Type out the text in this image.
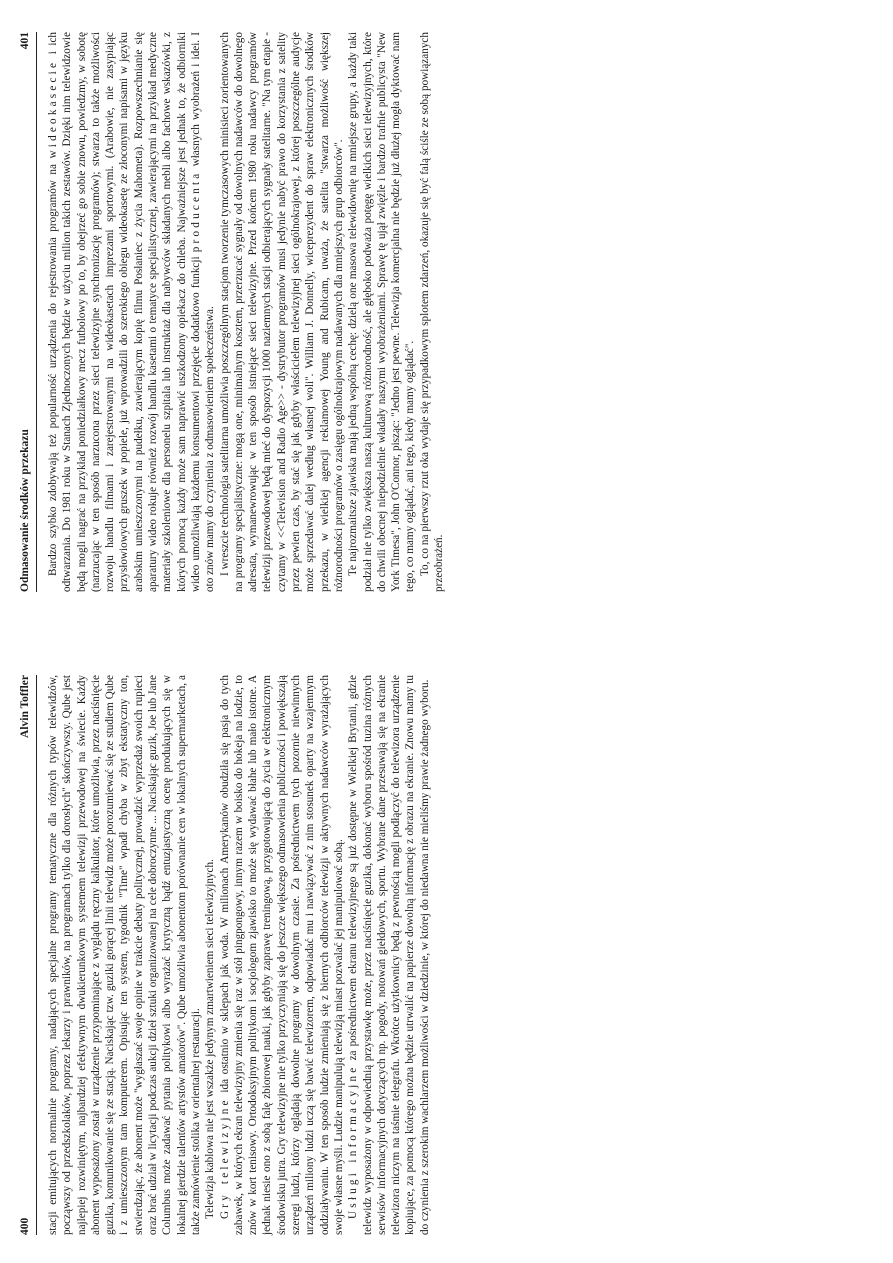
400
Alvin Toffler stacji emitujących normalnie programy, nadających specjalne programy tematyczne dla różnych typów telewidzów, począwszy od przedszkolaków, poprzez lekarzy i prawników, na programach tylko dla dorosłych" skończywszy. Qube jest najlepiej rozwiniętym, najbardziej efektywnym dwukierunkowym systemem telewizji przewodowej na świecie. Każdy abonent wyposażony został w urządzenie przypominające z wyglądu ręczny kalkulator, które umożliwia, przez naciśnięcie guzika, komunikowanie się ze stacją. Naciskając tzw. guziki gorącej linii telewidz może porozumiewać się ze studiem Qube i z umieszczonym tam komputerem. Opisując ten system, tygodnik "Time" wpadł chyba w zbyt ekstatyczny ton, stwierdzając, że abonent może "wygłaszać swoje opinie w trakcie debaty politycznej, prowadzić wyprzedaż swoich rupieci oraz brać udział w licytacji podczas aukcji dzieł sztuki organizowanej na cele dobroczynne ... Naciskając guzik, Joe lub Jane Columbus może zadawać pytania politykowi albo wyrażać krytyczną bądź entuzjastyczną ocenę produkujących się w lokalnej gierdzie talentów artystów amatorów". Qube umożliwia abonentom porównanie cen w lokalnych supermarketach, a także zamówienie stolika w orientalnej restauracji. Telewizja kablowa nie jest wszakże jedynym zmartwieniem sieci telewizyjnych. Gry telewizyjne ida ostatnio w sklepach jak woda. W milionach Amerykanów obudziła się pasja do tych zabawek, w których ekran telewizyjny zmienia się raz w stół pingpongowy, innym razem w boisko do hokeja na lodzie, to znów w kort tenisowy. Ortodoksyjnym politykom i socjologom zjawisko to może się wydawać błahe lub mało istotne. A jednak niesie ono z sobą falę zbiorowej nauki, jak gdyby zaprawę treningową, przygotowującą do życia w elektronicznym środowisku jutra. Gry telewizyjne nie tylko przyczyniają się do jeszcze większego odmasowienia publiczności i powiększają szeregi ludzi, którzy oglądają dowolne programy w dowolnym czasie. Za pośrednictwem tych pozornie niewinnych urządzeń miliony ludzi uczą się bawić telewizorem, odpowiadać mu i nawiązywać z nim stosunek oparty na wzajemnym oddziaływaniu. W ten sposób ludzie zmieniają się z biernych odbiorców telewizji w aktywnych nadawców wyrażających swoje własne myśli. Ludzie manipulują telewizją miast pozwalać jej manipulować sobą. Usługi informacyjne za pośrednictwem ekranu telewizyjnego są już dostępne w Wielkiej Brytanii, gdzie telewidz wyposażony w odpowiednią przystawkę może, przez naciśnięcie guzika, dokonać wyboru spośród tuzina różnych serwisów informacyjnych dotyczących np. pogody, notowań giełdowych, sportu. Wybrane dane przesuwają się na ekranie telewizora niczym na taśmie telegrafu. Wkrótce użytkownicy będą z pewnością mogli podłączyć do telewizora urządzenie kopiujące, za pomocą którego można będzie utrwalić na papierze dowolną informację z obrazu na ekranie. Znowu mamy tu do czynienia z szerokim wachlarzem możliwości w dziedzinie, w której do niedawna nie mieliśmy prawie żadnego wyboru.

Odmasowanie środków przekazu
401

Bardzo szybko zdobywają też popularność urządzenia do rejestrowania programów na wideokasecie i ich odtwarzania. Do 1981 roku w Stanach Zjednoczonych będzie w użyciu milion takich zestawów. Dzięki nim telewidzowie będą mogli nagrać na przykład poniedziałkowy mecz futbolowy po to, by obejrzeć go sobie znowu, powiedzmy, w sobotę (narzucając w ten sposób narzucona przez sieci telewizyjne synchronizację programów); stwarza to także możliwości rozwoju handlu filmami i zarejestrowanymi na wideokasetach imprezami sportowymi. (Arabowie, nie zasypiając przysłowiowych gruszek w popiele, już wprowadzili do szerokiego obiegu wideokasetę ze złoconymi napisami w języku arabskim umieszczonymi na pudełku, zawierającym kopię filmu Posłaniec z życia Mahometa). Rozpowszechnianie się aparatury wideo rokuje również rozwój handlu kasetami o tematyce specjalistycznej, zawierającymi na przykład medyczne materiały szkoleniowe dla personelu szpitala lub instruktaż dla nabywców składanych mebli albo fachowe wskazówki, z których pomocą każdy może sam naprawić uszkodzony opiekacz do chleba. Najważniejsze jest jednak to, że odbiorniki wideo umożliwiają każdemu konsumentowi przejęcie dodatkowo funkcji producenta własnych wyobrażeń i idei. I oto znów mamy do czynienia z odmasowieniem społeczeństwa. I wreszcie technologia satelitarna umożliwia poszczególnym stacjom tworzenie tymczasowych minisieci zorientowanych na programy specjalistyczne: mogą one, minimalnym kosztem, przerzucać sygnały od dowolnych nadawców do dowolnego adresata, wymanewrowując w ten sposób istniejące sieci telewizyjne. Przed końcem 1980 roku nadawcy programów telewizji przewodowej będą mieć do dyspozycji 1000 naziemnych stacji odbierających sygnały satelitarne. "Na tym etapie - czytamy w <<Television and Radio Age>> - dystrybutor programów musi jedynie nabyć prawo do korzystania z satelity przez pewien czas, by stać się jak gdyby właścicielem telewizyjnej sieci ogólnokrajowej, z której poszczególne audycje może sprzedawać dalej według własnej woli". William J. Donnelly, wiceprezydent do spraw elektronicznych środków przekazu, w wielkiej agencji reklamowej Young and Rubicam, uważa, że satelita "stwarza możliwość większej różnorodności programów o zasięgu ogólnokrajowym nadawanych dla mniejszych grup odbiorców". Te najrozmaitsze zjawiska mają jedną wspólną cechę: dzielą one masowa telewidownię na mniejsze grupy, a każdy taki podział nie tylko zwiększa naszą kulturową różnorodność, ale głęboko podważa potęgę wielkich sieci telewizyjnych, które do chwili obecnej niepodzielnie władały naszymi wyobrażeniami. Sprawę tę ujął zwięźle i bardzo trafnie publicysta "New York Timesa", John O'Connor, pisząc: "Jedno jest pewne. Telewizja komercjalna nie będzie już dłużej mogła dyktować nam tego, co mamy oglądać, ani tego, kiedy mamy oglądać". To, co na pierwszy rzut oka wydaje się przypadkowym splotem zdarzeń, okazuje się być falą ściśle ze sobą powiązanych przeobrażeń.
